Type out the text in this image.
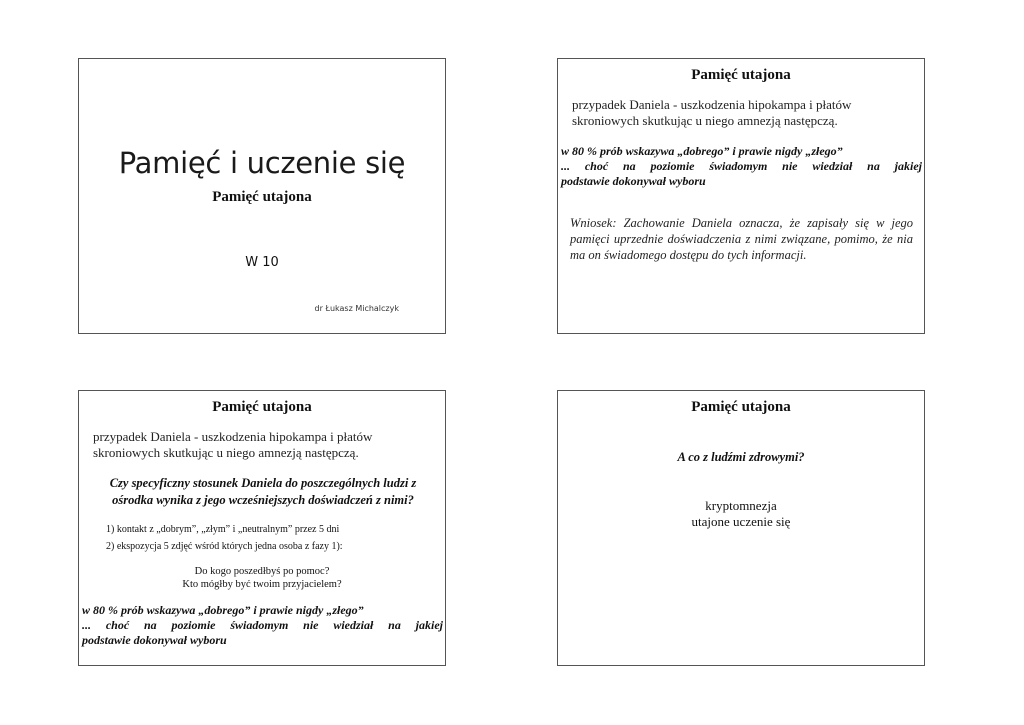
Pamięć i uczenie się
Pamięć utajona
W 10
dr Łukasz Michalczyk
Pamięć utajona
przypadek Daniela - uszkodzenia hipokampa i płatów
skroniowych skutkując u niego amnezją następczą.
w 80 % prób wskazywa „dobrego” i prawie nigdy „złego”
... choć na poziomie świadomym nie wiedział na jakiej
podstawie dokonywał wyboru
Wniosek: Zachowanie Daniela oznacza, że zapisały się w jego pamięci uprzednie doświadczenia z nimi związane, pomimo, że nia ma on świadomego dostępu do tych informacji.
Pamięć utajona
przypadek Daniela - uszkodzenia hipokampa i płatów
skroniowych skutkując u niego amnezją następczą.
Czy specyficzny stosunek Daniela do poszczególnych ludzi z
ośrodka wynika z jego wcześniejszych doświadczeń z nimi?
1) kontakt z „dobrym”, „złym” i „neutralnym” przez 5 dni
2) ekspozycja 5 zdjęć wśród których jedna osoba z fazy 1):
Do kogo poszedłbyś po pomoc?
Kto mógłby być twoim przyjacielem?
w 80 % prób wskazywa „dobrego” i prawie nigdy „złego”
... choć na poziomie świadomym nie wiedział na jakiej
podstawie dokonywał wyboru
Pamięć utajona
A co z ludźmi zdrowymi?
kryptomnezja
utajone uczenie się
